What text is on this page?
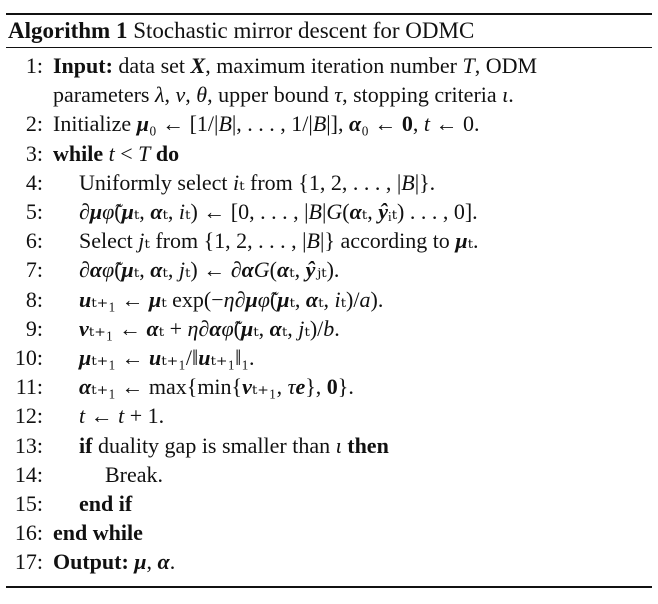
Algorithm 1 Stochastic mirror descent for ODMC
1: Input: data set X, maximum iteration number T, ODM
parameters λ, ν, θ, upper bound τ, stopping criteria ι.
2: Initialize μ₀ ← [1/|B|, . . . , 1/|B|], α₀ ← 0, t ← 0.
3: while t < T do
4: Uniformly select iₜ from {1, 2, . . . , |B|}.
5: ∂μφ̃(μₜ, αₜ, iₜ) ← [0, . . . , |B|G(αₜ, ŷᵢₜ) . . . , 0].
6: Select jₜ from {1, 2, . . . , |B|} according to μₜ.
7: ∂αφ̃(μₜ, αₜ, jₜ) ← ∂αG(αₜ, ŷⱼₜ).
8: uₜ₊₁ ← μₜ exp(−η∂μφ̃(μₜ, αₜ, iₜ)/a).
9: vₜ₊₁ ← αₜ + η∂αφ̃(μₜ, αₜ, jₜ)/b.
10: μₜ₊₁ ← uₜ₊₁/‖uₜ₊₁‖₁.
11: αₜ₊₁ ← max{min{vₜ₊₁, τe}, 0}.
12: t ← t + 1.
13: if duality gap is smaller than ι then
14:	Break.
15: end if
16: end while
17: Output: μ, α.
